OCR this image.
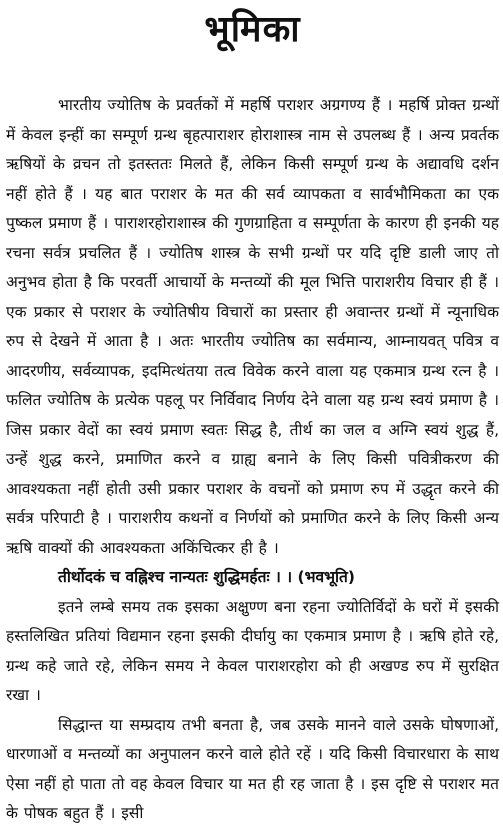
भूमिका

भारतीय ज्योतिष के प्रवर्तकों में महर्षि पराशर अग्रगण्य हैं । महर्षि प्रोक्त ग्रन्थों में केवल इन्हीं का सम्पूर्ण ग्रन्थ बृहत्पाराशर होराशास्त्र नाम से उपलब्ध हैं । अन्य प्रवर्तक ऋषियों के व्रचन तो इतस्ततः मिलते हैं, लेकिन किसी सम्पूर्ण ग्रन्थ के अद्यावधि दर्शन नहीं होते हैं । यह बात पराशर के मत की सर्व व्यापकता व सार्वभौमिकता का एक पुष्कल प्रमाण हैं । पाराशरहोराशास्त्र की गुणग्राहिता व सम्पूर्णता के कारण ही इनकी यह रचना सर्वत्र प्रचलित हैं । ज्योतिष शास्त्र के सभी ग्रन्थों पर यदि दृष्टि डाली जाए तो अनुभव होता है कि परवर्ती आचार्यो के मन्तव्यों की मूल भित्ति पाराशरीय विचार ही हैं । एक प्रकार से पराशर के ज्योतिषीय विचारों का प्रस्तार ही अवान्तर ग्रन्थों में न्यूनाधिक रुप से देखने में आता है । अतः भारतीय ज्योतिष का सर्वमान्य, आम्नायवत् पवित्र व आदरणीय, सर्वव्यापक, इदमित्थंतया तत्व विवेक करने वाला यह एकमात्र ग्रन्थ रत्न है । फलित ज्योतिष के प्रत्येक पहलू पर निर्विवाद निर्णय देने वाला यह ग्रन्थ स्वयं प्रमाण है । जिस प्रकार वेदों का स्वयं प्रमाण स्वतः सिद्ध है, तीर्थ का जल व अग्नि स्वयं शुद्ध हैं, उन्हें शुद्ध करने, प्रमाणित करने व ग्राह्य बनाने के लिए किसी पवित्रीकरण की आवश्यकता नहीं होती उसी प्रकार पराशर के वचनों को प्रमाण रुप में उद्धृत करने की सर्वत्र परिपाटी है । पाराशरीय कथनों व निर्णयों को प्रमाणित करने के लिए किसी अन्य ऋषि वाक्यों की आवश्यकता अकिंचित्कर ही है ।

तीर्थोदकं च वह्निश्च नान्यतः शुद्धिमर्हतः । । (भवभूति)

इतने लम्बे समय तक इसका अक्षुण्ण बना रहना ज्योतिर्विदों के घरों में इसकी हस्तलिखित प्रतियां विद्यमान रहना इसकी दीर्घायु का एकमात्र प्रमाण है । ऋषि होते रहे, ग्रन्थ कहे जाते रहे, लेकिन समय ने केवल पाराशरहोरा को ही अखण्ड रुप में सुरक्षित रखा ।

सिद्धान्त या सम्प्रदाय तभी बनता है, जब उसके मानने वाले उसके घोषणाओं, धारणाओं व मन्तव्यों का अनुपालन करने वाले होते रहें । यदि किसी विचारधारा के साथ ऐसा नहीं हो पाता तो वह केवल विचार या मत ही रह जाता है । इस दृष्टि से पराशर मत के पोषक बहुत हैं । इसी
